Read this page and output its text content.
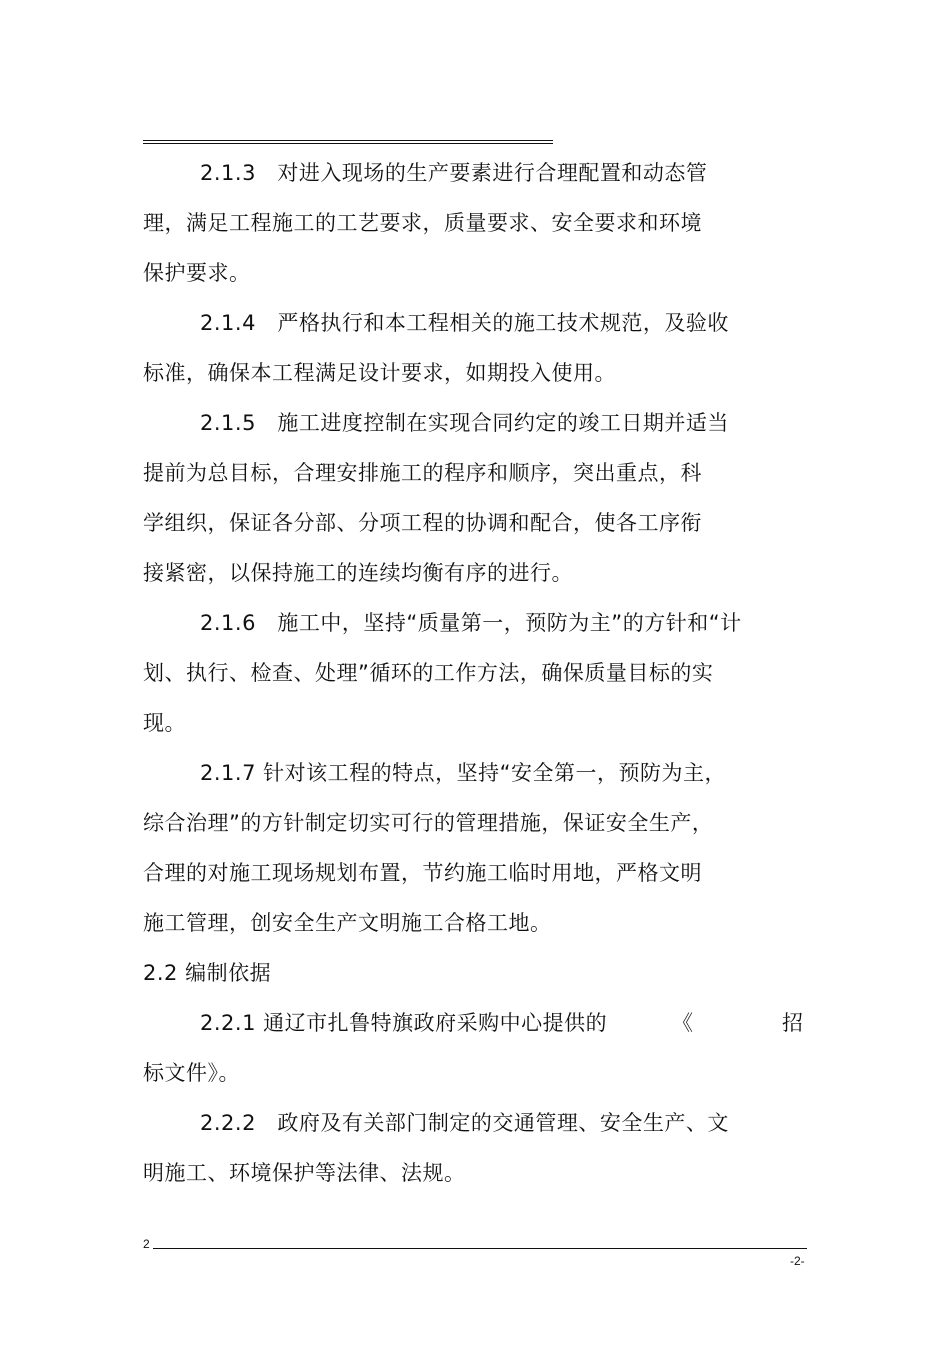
2.1.3　对进入现场的生产要素进行合理配置和动态管
理，满足工程施工的工艺要求，质量要求、安全要求和环境
保护要求。
2.1.4　严格执行和本工程相关的施工技术规范，及验收
标准，确保本工程满足设计要求，如期投入使用。
2.1.5　施工进度控制在实现合同约定的竣工日期并适当
提前为总目标，合理安排施工的程序和顺序，突出重点，科
学组织，保证各分部、分项工程的协调和配合，使各工序衔
接紧密，以保持施工的连续均衡有序的进行。
2.1.6　施工中，坚持“质量第一，预防为主”的方针和“计
划、执行、检查、处理”循环的工作方法，确保质量目标的实
现。
2.1.7 针对该工程的特点，坚持“安全第一，预防为主，
综合治理”的方针制定切实可行的管理措施，保证安全生产，
合理的对施工现场规划布置，节约施工临时用地，严格文明
施工管理，创安全生产文明施工合格工地。
2.2 编制依据
2.2.1 通辽市扎鲁特旗政府采购中心提供的	《	招
标文件》。
2.2.2　政府及有关部门制定的交通管理、安全生产、文
明施工、环境保护等法律、法规。
2
-2-
